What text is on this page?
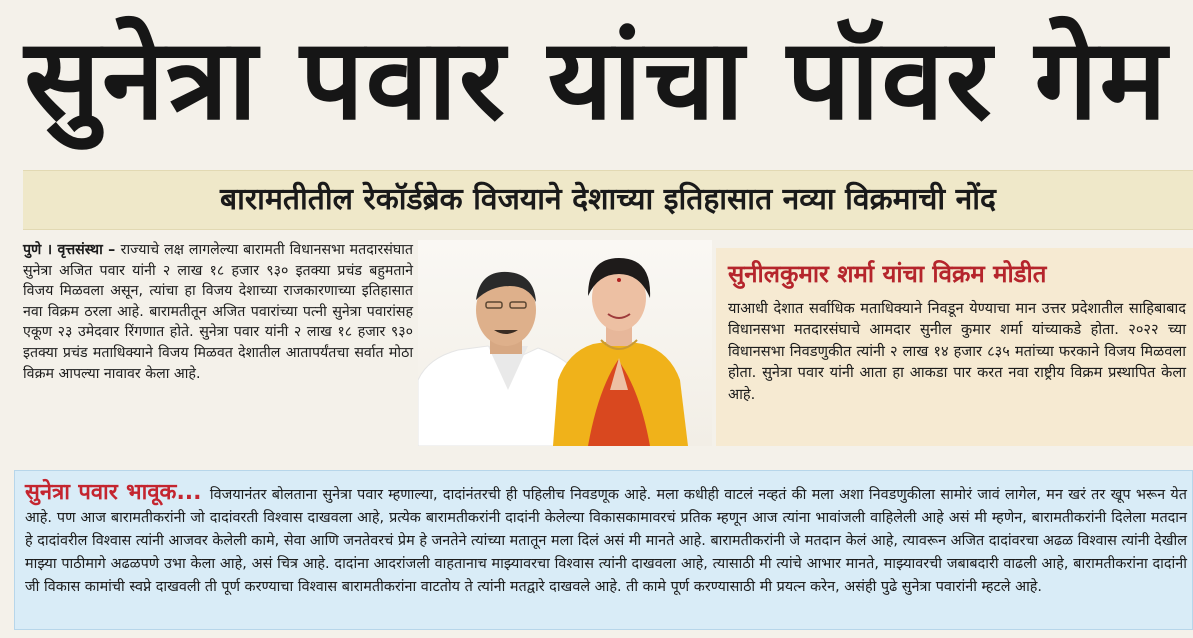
सुनेत्रा पवार यांचा पॉवर गेम
बारामतीतील रेकॉर्डब्रेक विजयाने देशाच्या इतिहासात नव्या विक्रमाची नोंद
पुणे । वृत्तसंस्था – राज्याचे लक्ष लागलेल्या बारामती विधानसभा मतदारसंघात सुनेत्रा अजित पवार यांनी २ लाख १८ हजार ९३० इतक्या प्रचंड बहुमताने विजय मिळवला असून, त्यांचा हा विजय देशाच्या राजकारणाच्या इतिहासात नवा विक्रम ठरला आहे. बारामतीतून अजित पवारांच्या पत्नी सुनेत्रा पवारांसह एकूण २३ उमेदवार रिंगणात होते. सुनेत्रा पवार यांनी २ लाख १८ हजार ९३० इतक्या प्रचंड मताधिक्याने विजय मिळवत देशातील आतापर्यंतचा सर्वात मोठा विक्रम आपल्या नावावर केला आहे.
सुनीलकुमार शर्मा यांचा विक्रम मोडीत
याआधी देशात सर्वाधिक मताधिक्याने निवडून येण्याचा मान उत्तर प्रदेशातील साहिबाबाद विधानसभा मतदारसंघाचे आमदार सुनील कुमार शर्मा यांच्याकडे होता. २०२२ च्या विधानसभा निवडणुकीत त्यांनी २ लाख १४ हजार ८३५ मतांच्या फरकाने विजय मिळवला होता. सुनेत्रा पवार यांनी आता हा आकडा पार करत नवा राष्ट्रीय विक्रम प्रस्थापित केला आहे.
सुनेत्रा पवार भावूक... विजयानंतर बोलताना सुनेत्रा पवार म्हणाल्या, दादांनंतरची ही पहिलीच निवडणूक आहे. मला कधीही वाटलं नव्हतं की मला अशा निवडणुकीला सामोरं जावं लागेल, मन खरं तर खूप भरून येत आहे. पण आज बारामतीकरांनी जो दादांवरती विश्वास दाखवला आहे, प्रत्येक बारामतीकरांनी दादांनी केलेल्या विकासकामावरचं प्रतिक म्हणून आज त्यांना भावांजली वाहिलेली आहे असं मी म्हणेन, बारामतीकरांनी दिलेला मतदान हे दादांवरील विश्वास त्यांनी आजवर केलेली कामे, सेवा आणि जनतेवरचं प्रेम हे जनतेने त्यांच्या मतातून मला दिलं असं मी मानते आहे. बारामतीकरांनी जे मतदान केलं आहे, त्यावरून अजित दादांवरचा अढळ विश्वास त्यांनी देखील माझ्या पाठीमागे अढळपणे उभा केला आहे, असं चित्र आहे. दादांना आदरांजली वाहतानाच माझ्यावरचा विश्वास त्यांनी दाखवला आहे, त्यासाठी मी त्यांचे आभार मानते, माझ्यावरची जबाबदारी वाढली आहे, बारामतीकरांना दादांनी जी विकास कामांची स्वप्ने दाखवली ती पूर्ण करण्याचा विश्वास बारामतीकरांना वाटतोय ते त्यांनी मतद्वारे दाखवले आहे. ती कामे पूर्ण करण्यासाठी मी प्रयत्न करेन, असंही पुढे सुनेत्रा पवारांनी म्हटले आहे.
